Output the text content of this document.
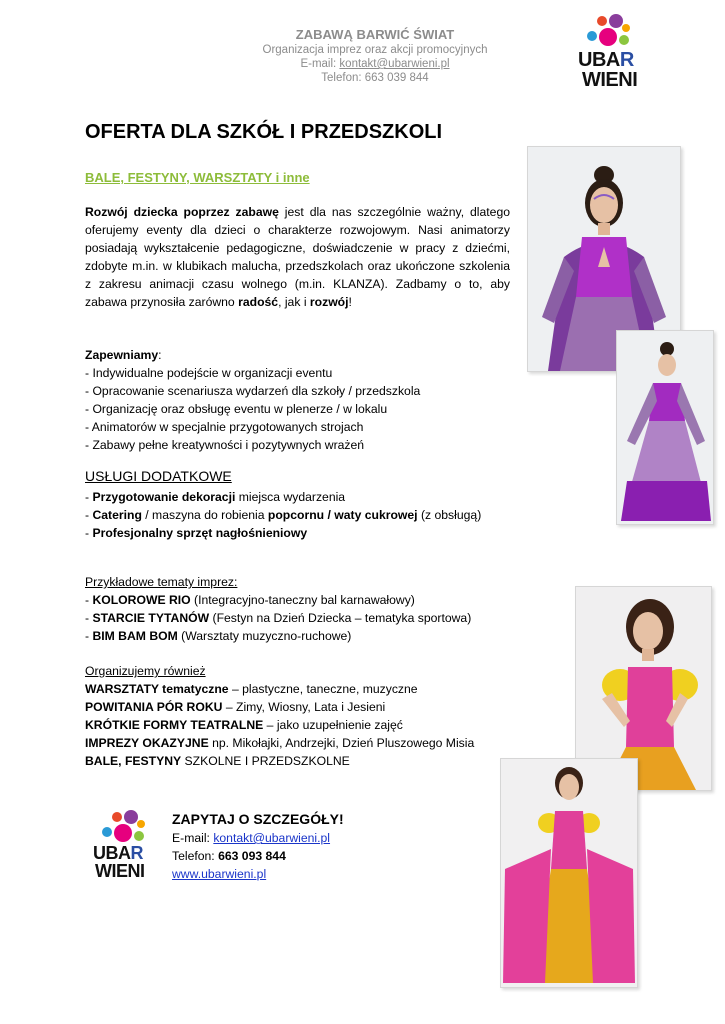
ZABAWĄ BARWIĆ ŚWIAT
Organizacja imprez oraz akcji promocyjnych
E-mail: kontakt@ubarwieni.pl
Telefon: 663 039 844
UBAR
WIENI
OFERTA DLA SZKÓŁ I PRZEDSZKOLI
BALE, FESTYNY, WARSZTATY i inne
Rozwój dziecka poprzez zabawę jest dla nas szczególnie ważny, dlatego oferujemy eventy dla dzieci o charakterze rozwojowym. Nasi animatorzy posiadają wykształcenie pedagogiczne, doświadczenie w pracy z dziećmi, zdobyte m.in. w klubikach malucha, przedszkolach oraz ukończone szkolenia z zakresu animacji czasu wolnego (m.in. KLANZA). Zadbamy o to, aby zabawa przynosiła zarówno radość, jak i rozwój!
Zapewniamy:
- Indywidualne podejście w organizacji eventu
- Opracowanie scenariusza wydarzeń dla szkoły / przedszkola
- Organizację oraz obsługę eventu w plenerze / w lokalu
- Animatorów w specjalnie przygotowanych strojach
- Zabawy pełne kreatywności i pozytywnych wrażeń
USŁUGI DODATKOWE
- Przygotowanie dekoracji miejsca wydarzenia
- Catering / maszyna do robienia popcornu / waty cukrowej (z obsługą)
- Profesjonalny sprzęt nagłośnieniowy
Przykładowe tematy imprez:
- KOLOROWE RIO (Integracyjno-taneczny bal karnawałowy)
- STARCIE TYTANÓW (Festyn na Dzień Dziecka – tematyka sportowa)
- BIM BAM BOM (Warsztaty muzyczno-ruchowe)
Organizujemy również
WARSZTATY tematyczne – plastyczne, taneczne, muzyczne
POWITANIA PÓR ROKU – Zimy, Wiosny, Lata i Jesieni
KRÓTKIE FORMY TEATRALNE – jako uzupełnienie zajęć
IMPREZY OKAZYJNE np. Mikołajki, Andrzejki, Dzień Pluszowego Misia
BALE, FESTYNY SZKOLNE I PRZEDSZKOLNE
UBAR
WIENI
ZAPYTAJ O SZCZEGÓŁY!
E-mail: kontakt@ubarwieni.pl
Telefon: 663 093 844
www.ubarwieni.pl
